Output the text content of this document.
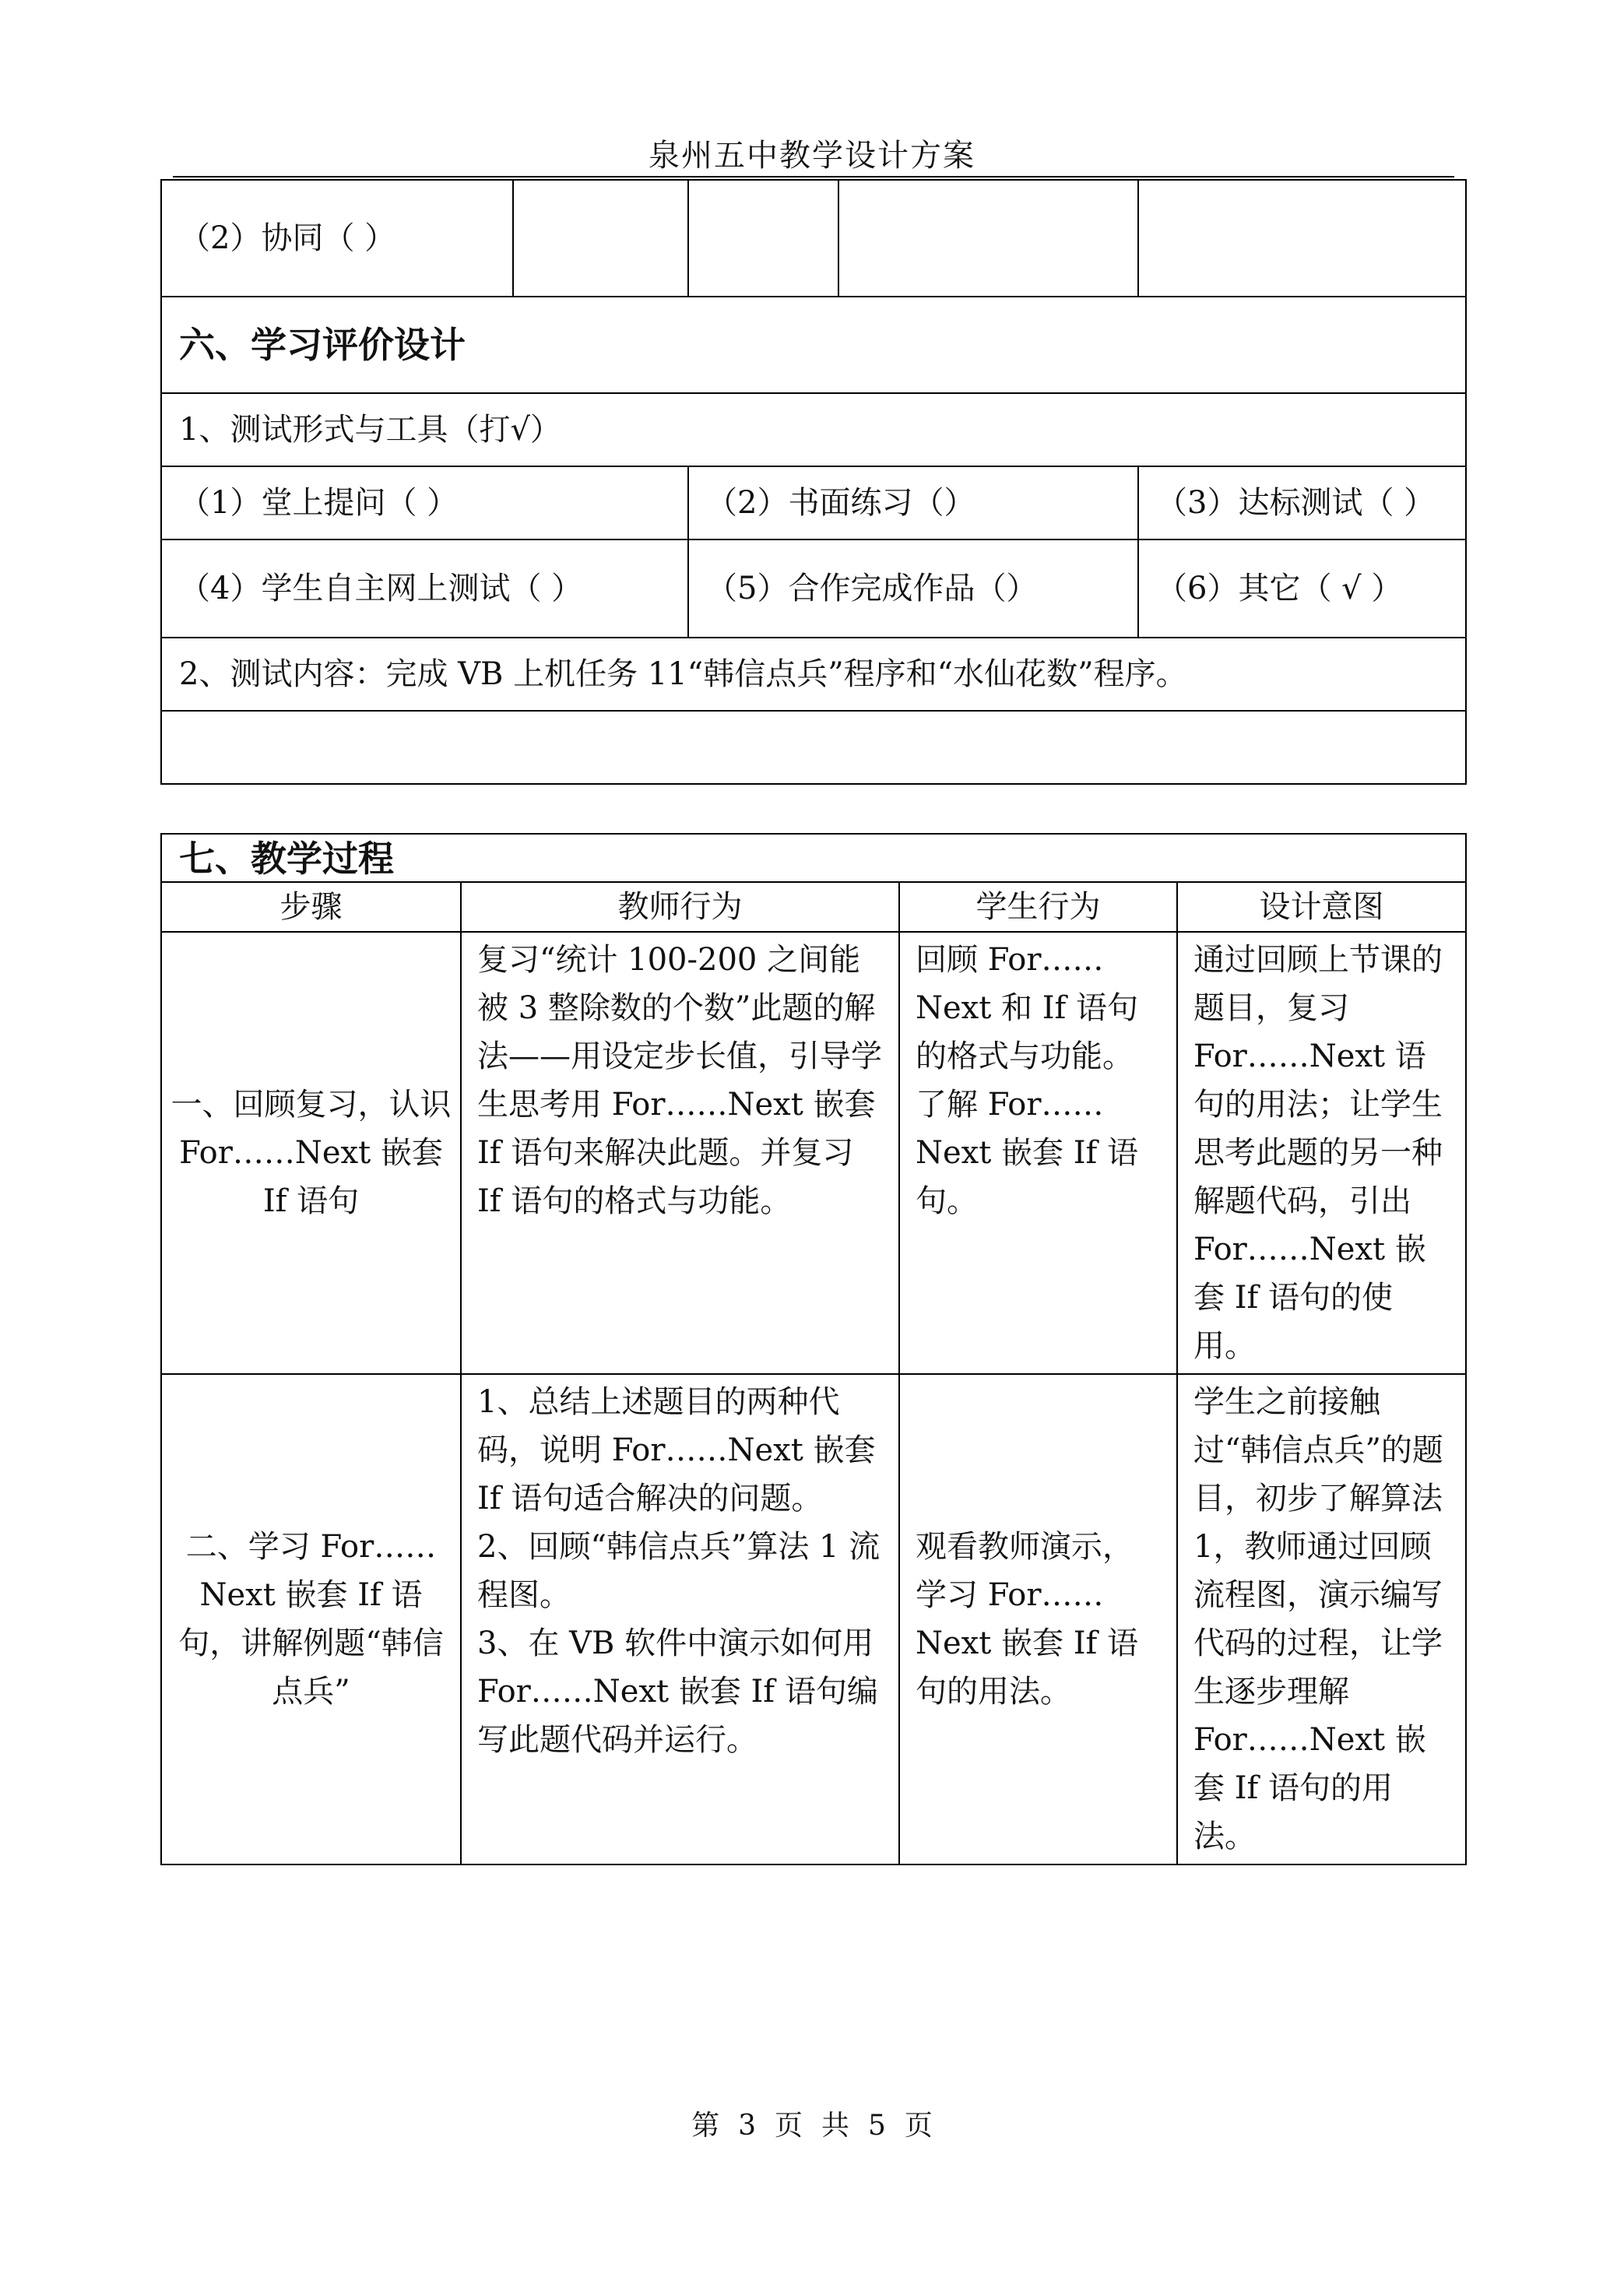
泉州五中教学设计方案
（2）协同（ ）				
六、学习评价设计				
1、测试形式与工具（打√）				
（1）堂上提问（ ）		（2）书面练习（）		（3）达标测试（ ）
（4）学生自主网上测试（ ）		（5）合作完成作品（）		（6）其它（ √ ）
2、测试内容：完成 VB 上机任务 11“韩信点兵”程序和“水仙花数”程序。				

七、教学过程			
步骤	教师行为	学生行为	设计意图
一、回顾复习，认识 For……Next 嵌套 If 语句	复习“统计 100-200 之间能被 3 整除数的个数”此题的解法——用设定步长值，引导学生思考用 For……Next 嵌套 If 语句来解决此题。并复习 If 语句的格式与功能。	回顾 For……Next 和 If 语句的格式与功能。了解 For……Next 嵌套 If 语句。	通过回顾上节课的题目，复习 For……Next 语句的用法；让学生思考此题的另一种解题代码，引出 For……Next 嵌套 If 语句的使用。
二、学习 For……Next 嵌套 If 语句，讲解例题“韩信点兵”	1、总结上述题目的两种代码，说明 For……Next 嵌套 If 语句适合解决的问题。
2、回顾“韩信点兵”算法 1 流程图。
3、在 VB 软件中演示如何用 For……Next 嵌套 If 语句编写此题代码并运行。	观看教师演示，学习 For……Next 嵌套 If 语句的用法。	学生之前接触过“韩信点兵”的题目，初步了解算法 1，教师通过回顾流程图，演示编写代码的过程，让学生逐步理解 For……Next 嵌套 If 语句的用法。
第 3 页 共 5 页
